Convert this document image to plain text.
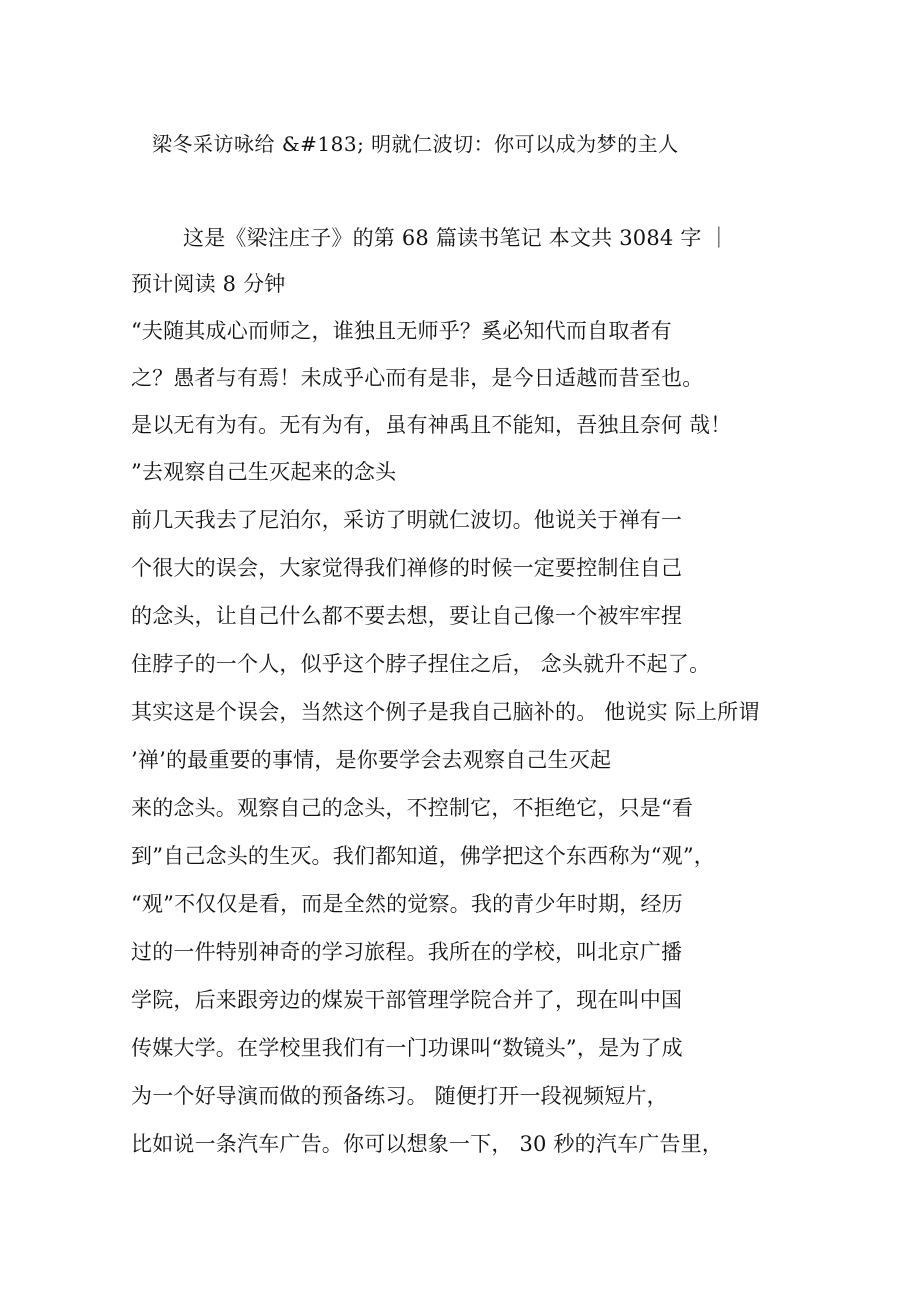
梁冬采访咏给 &#183; 明就仁波切：你可以成为梦的主人
这是《梁注庄子》的第 68 篇读书笔记 本文共 3084 字 ｜
预计阅读 8 分钟
“夫随其成心而师之，谁独且无师乎？奚必知代而自取者有
之？愚者与有焉！未成乎心而有是非，是今日适越而昔至也。
是以无有为有。无有为有，虽有神禹且不能知，吾独且奈何 哉！
”去观察自己生灭起来的念头
前几天我去了尼泊尔，采访了明就仁波切。他说关于禅有一
个很大的误会，大家觉得我们禅修的时候一定要控制住自己
的念头，让自己什么都不要去想，要让自己像一个被牢牢捏
住脖子的一个人，似乎这个脖子捏住之后， 念头就升不起了。
其实这是个误会，当然这个例子是我自己脑补的。 他说实 际上所谓
’禅’的最重要的事情，是你要学会去观察自己生灭起
来的念头。观察自己的念头，不控制它，不拒绝它，只是“看
到”自己念头的生灭。我们都知道，佛学把这个东西称为“观”，
“观”不仅仅是看，而是全然的觉察。我的青少年时期，经历
过的一件特别神奇的学习旅程。我所在的学校，叫北京广播
学院，后来跟旁边的煤炭干部管理学院合并了，现在叫中国
传媒大学。在学校里我们有一门功课叫“数镜头”，是为了成
为一个好导演而做的预备练习。 随便打开一段视频短片，
比如说一条汽车广告。你可以想象一下， 30 秒的汽车广告里，
